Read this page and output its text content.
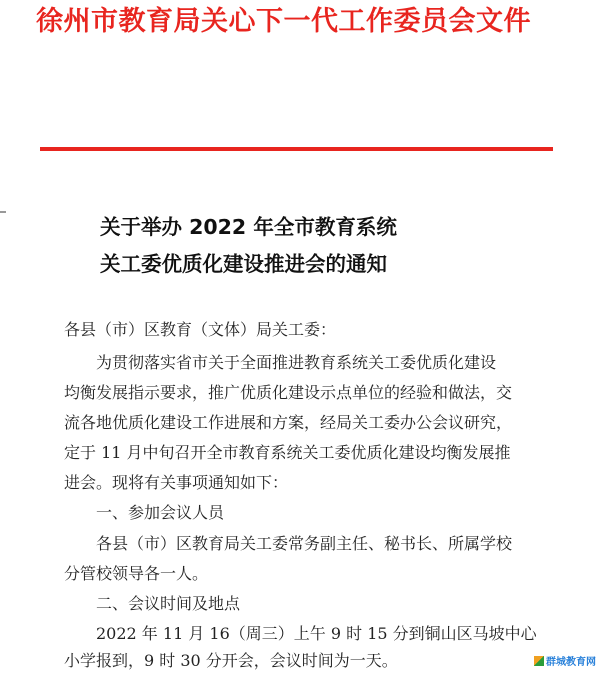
徐州市教育局关心下一代工作委员会文件
关于举办 2022 年全市教育系统
关工委优质化建设推进会的通知
各县（市）区教育（文体）局关工委：
为贯彻落实省市关于全面推进教育系统关工委优质化建设
均衡发展指示要求，推广优质化建设示点单位的经验和做法，交
流各地优质化建设工作进展和方案，经局关工委办公会议研究，
定于 11 月中旬召开全市教育系统关工委优质化建设均衡发展推
进会。现将有关事项通知如下：
一、参加会议人员
各县（市）区教育局关工委常务副主任、秘书长、所属学校
分管校领导各一人。
二、会议时间及地点
2022 年 11 月 16（周三）上午 9 时 15 分到铜山区马坡中心
小学报到，9 时 30 分开会，会议时间为一天。	群城教育网
